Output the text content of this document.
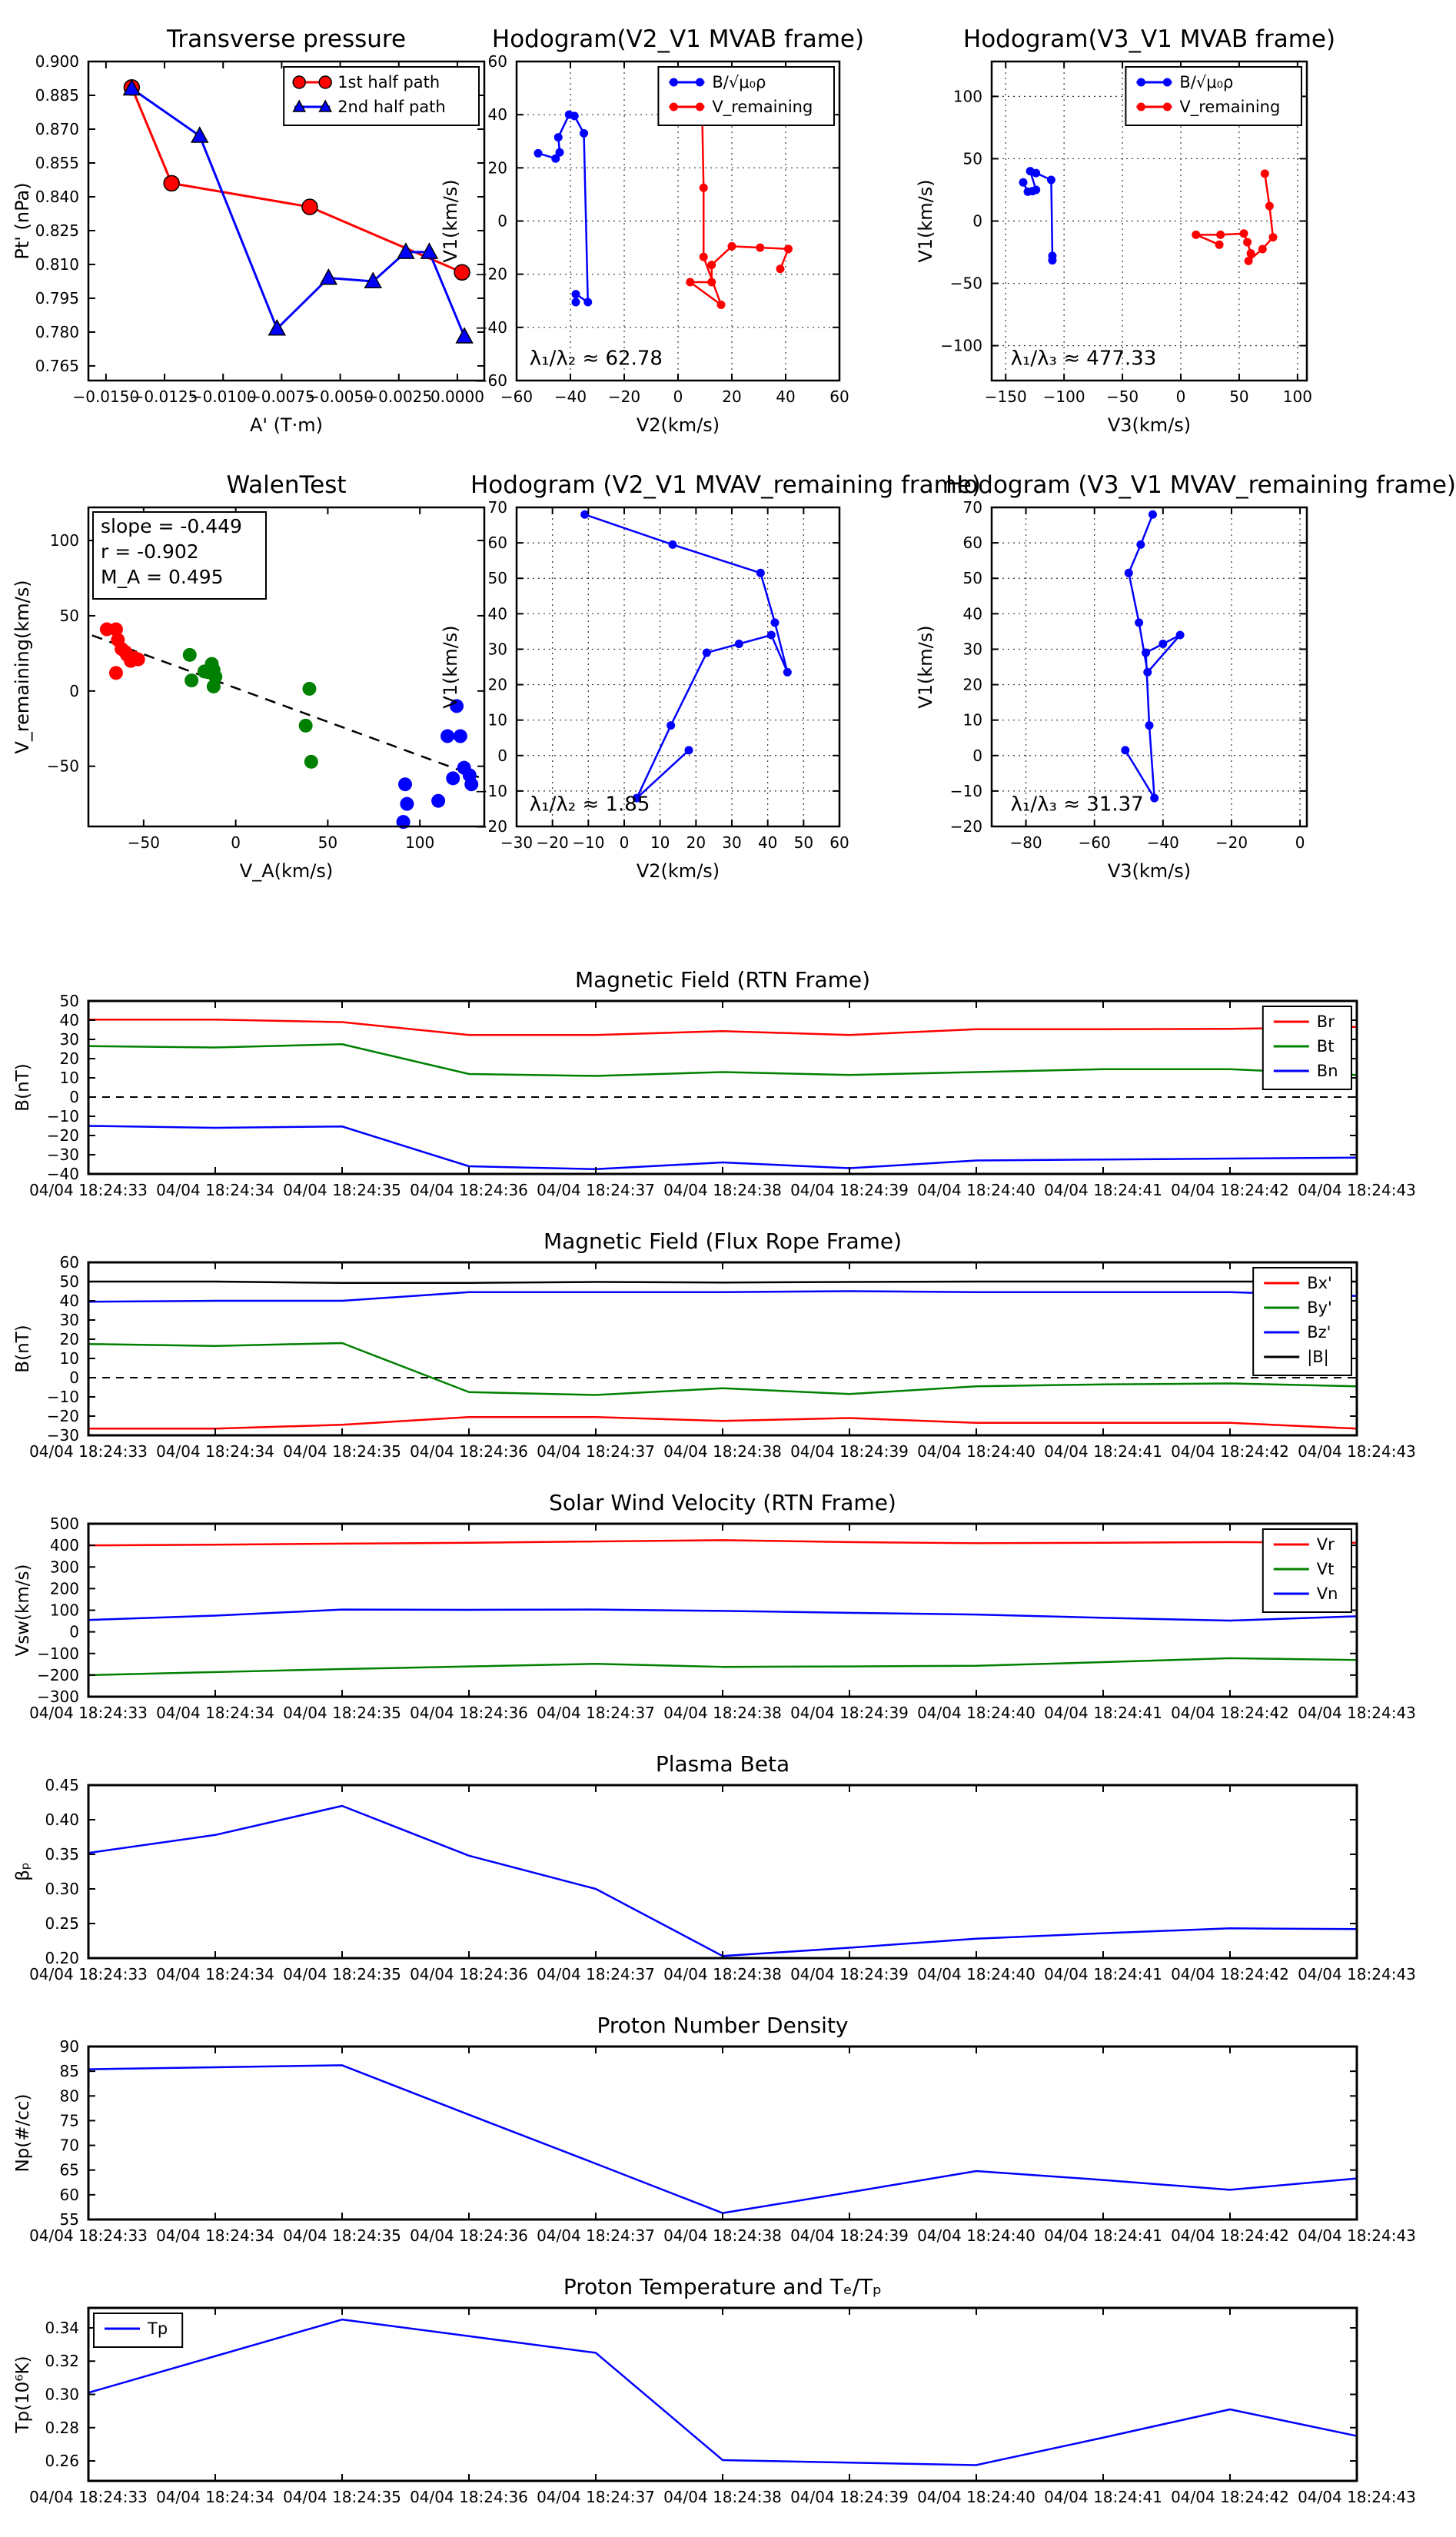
Transverse pressure
−0.0150
−0.0125
−0.0100
−0.0075
−0.0050
−0.0025
0.0000
0.765
0.780
0.795
0.810
0.825
0.840
0.855
0.870
0.885
0.900
A' (T·m)
Pt' (nPa)
1st half path
2nd half path
Hodogram(V2_V1 MVAB frame)
−60 −40 −20 0	20 40 60
−60
−40
−20
0
20
40
60
V2(km/s)
V1(km/s)
B/√μ₀ρ
V_remaining
λ₁/λ₂ ≈ 62.78
Hodogram(V3_V1 MVAB frame)
−150 −100 −50 0	50 100
−100
−50
0
50
100
V3(km/s)
V1(km/s)
B/√μ₀ρ
V_remaining
λ₁/λ₃ ≈ 477.33
WalenTest
−50	0	50	100
−50
0
50
100
V_A(km/s)
V_remaining(km/s)
slope = -0.449
r = -0.902
M_A = 0.495
Hodogram (V2_V1 MVAV_remaining frame)
−30 −20 −10 0 10 20 30 40 50 60
−20
−10
0
10
20
30
40
50
60
70
V2(km/s)
V1(km/s)
λ₁/λ₂ ≈ 1.85
Hodogram (V3_V1 MVAV_remaining frame)
−80 −60 −40 −20	0
−20
−10
0
10
20
30
40
50
60
70
V3(km/s)
V1(km/s)
λ₁/λ₃ ≈ 31.37
Magnetic Field (RTN Frame)
04/04 18:24:33 04/04 18:24:34 04/04 18:24:35 04/04 18:24:36 04/04 18:24:37 04/04 18:24:38 04/04 18:24:39 04/04 18:24:40 04/04 18:24:41 04/04 18:24:42 04/04 18:24:43
−40
−30
−20
−10
0
10
20
30
40
50
B(nT)
Br
Bt
Bn
Magnetic Field (Flux Rope Frame)
04/04 18:24:33 04/04 18:24:34 04/04 18:24:35 04/04 18:24:36 04/04 18:24:37 04/04 18:24:38 04/04 18:24:39 04/04 18:24:40 04/04 18:24:41 04/04 18:24:42 04/04 18:24:43
−30
−20
−10
0
10
20
30
40
50
60
B(nT)
Bx'
By'
Bz'
|B|
Solar Wind Velocity (RTN Frame)
04/04 18:24:33 04/04 18:24:34 04/04 18:24:35 04/04 18:24:36 04/04 18:24:37 04/04 18:24:38 04/04 18:24:39 04/04 18:24:40 04/04 18:24:41 04/04 18:24:42 04/04 18:24:43
−300
−200
−100
0
100
200
300
400
500
Vsw(km/s)
Vr
Vt
Vn
Plasma Beta
04/04 18:24:33 04/04 18:24:34 04/04 18:24:35 04/04 18:24:36 04/04 18:24:37 04/04 18:24:38 04/04 18:24:39 04/04 18:24:40 04/04 18:24:41 04/04 18:24:42 04/04 18:24:43
0.20
0.25
0.30
0.35
0.40
0.45
βₚ
Proton Number Density
04/04 18:24:33 04/04 18:24:34 04/04 18:24:35 04/04 18:24:36 04/04 18:24:37 04/04 18:24:38 04/04 18:24:39 04/04 18:24:40 04/04 18:24:41 04/04 18:24:42 04/04 18:24:43
55
60
65
70
75
80
85
90
Np(#/cc)
Proton Temperature and Tₑ/Tₚ
04/04 18:24:33 04/04 18:24:34 04/04 18:24:35 04/04 18:24:36 04/04 18:24:37 04/04 18:24:38 04/04 18:24:39 04/04 18:24:40 04/04 18:24:41 04/04 18:24:42 04/04 18:24:43
0.26
0.28
0.30
0.32
0.34
Tp(10⁶K)
Tp
